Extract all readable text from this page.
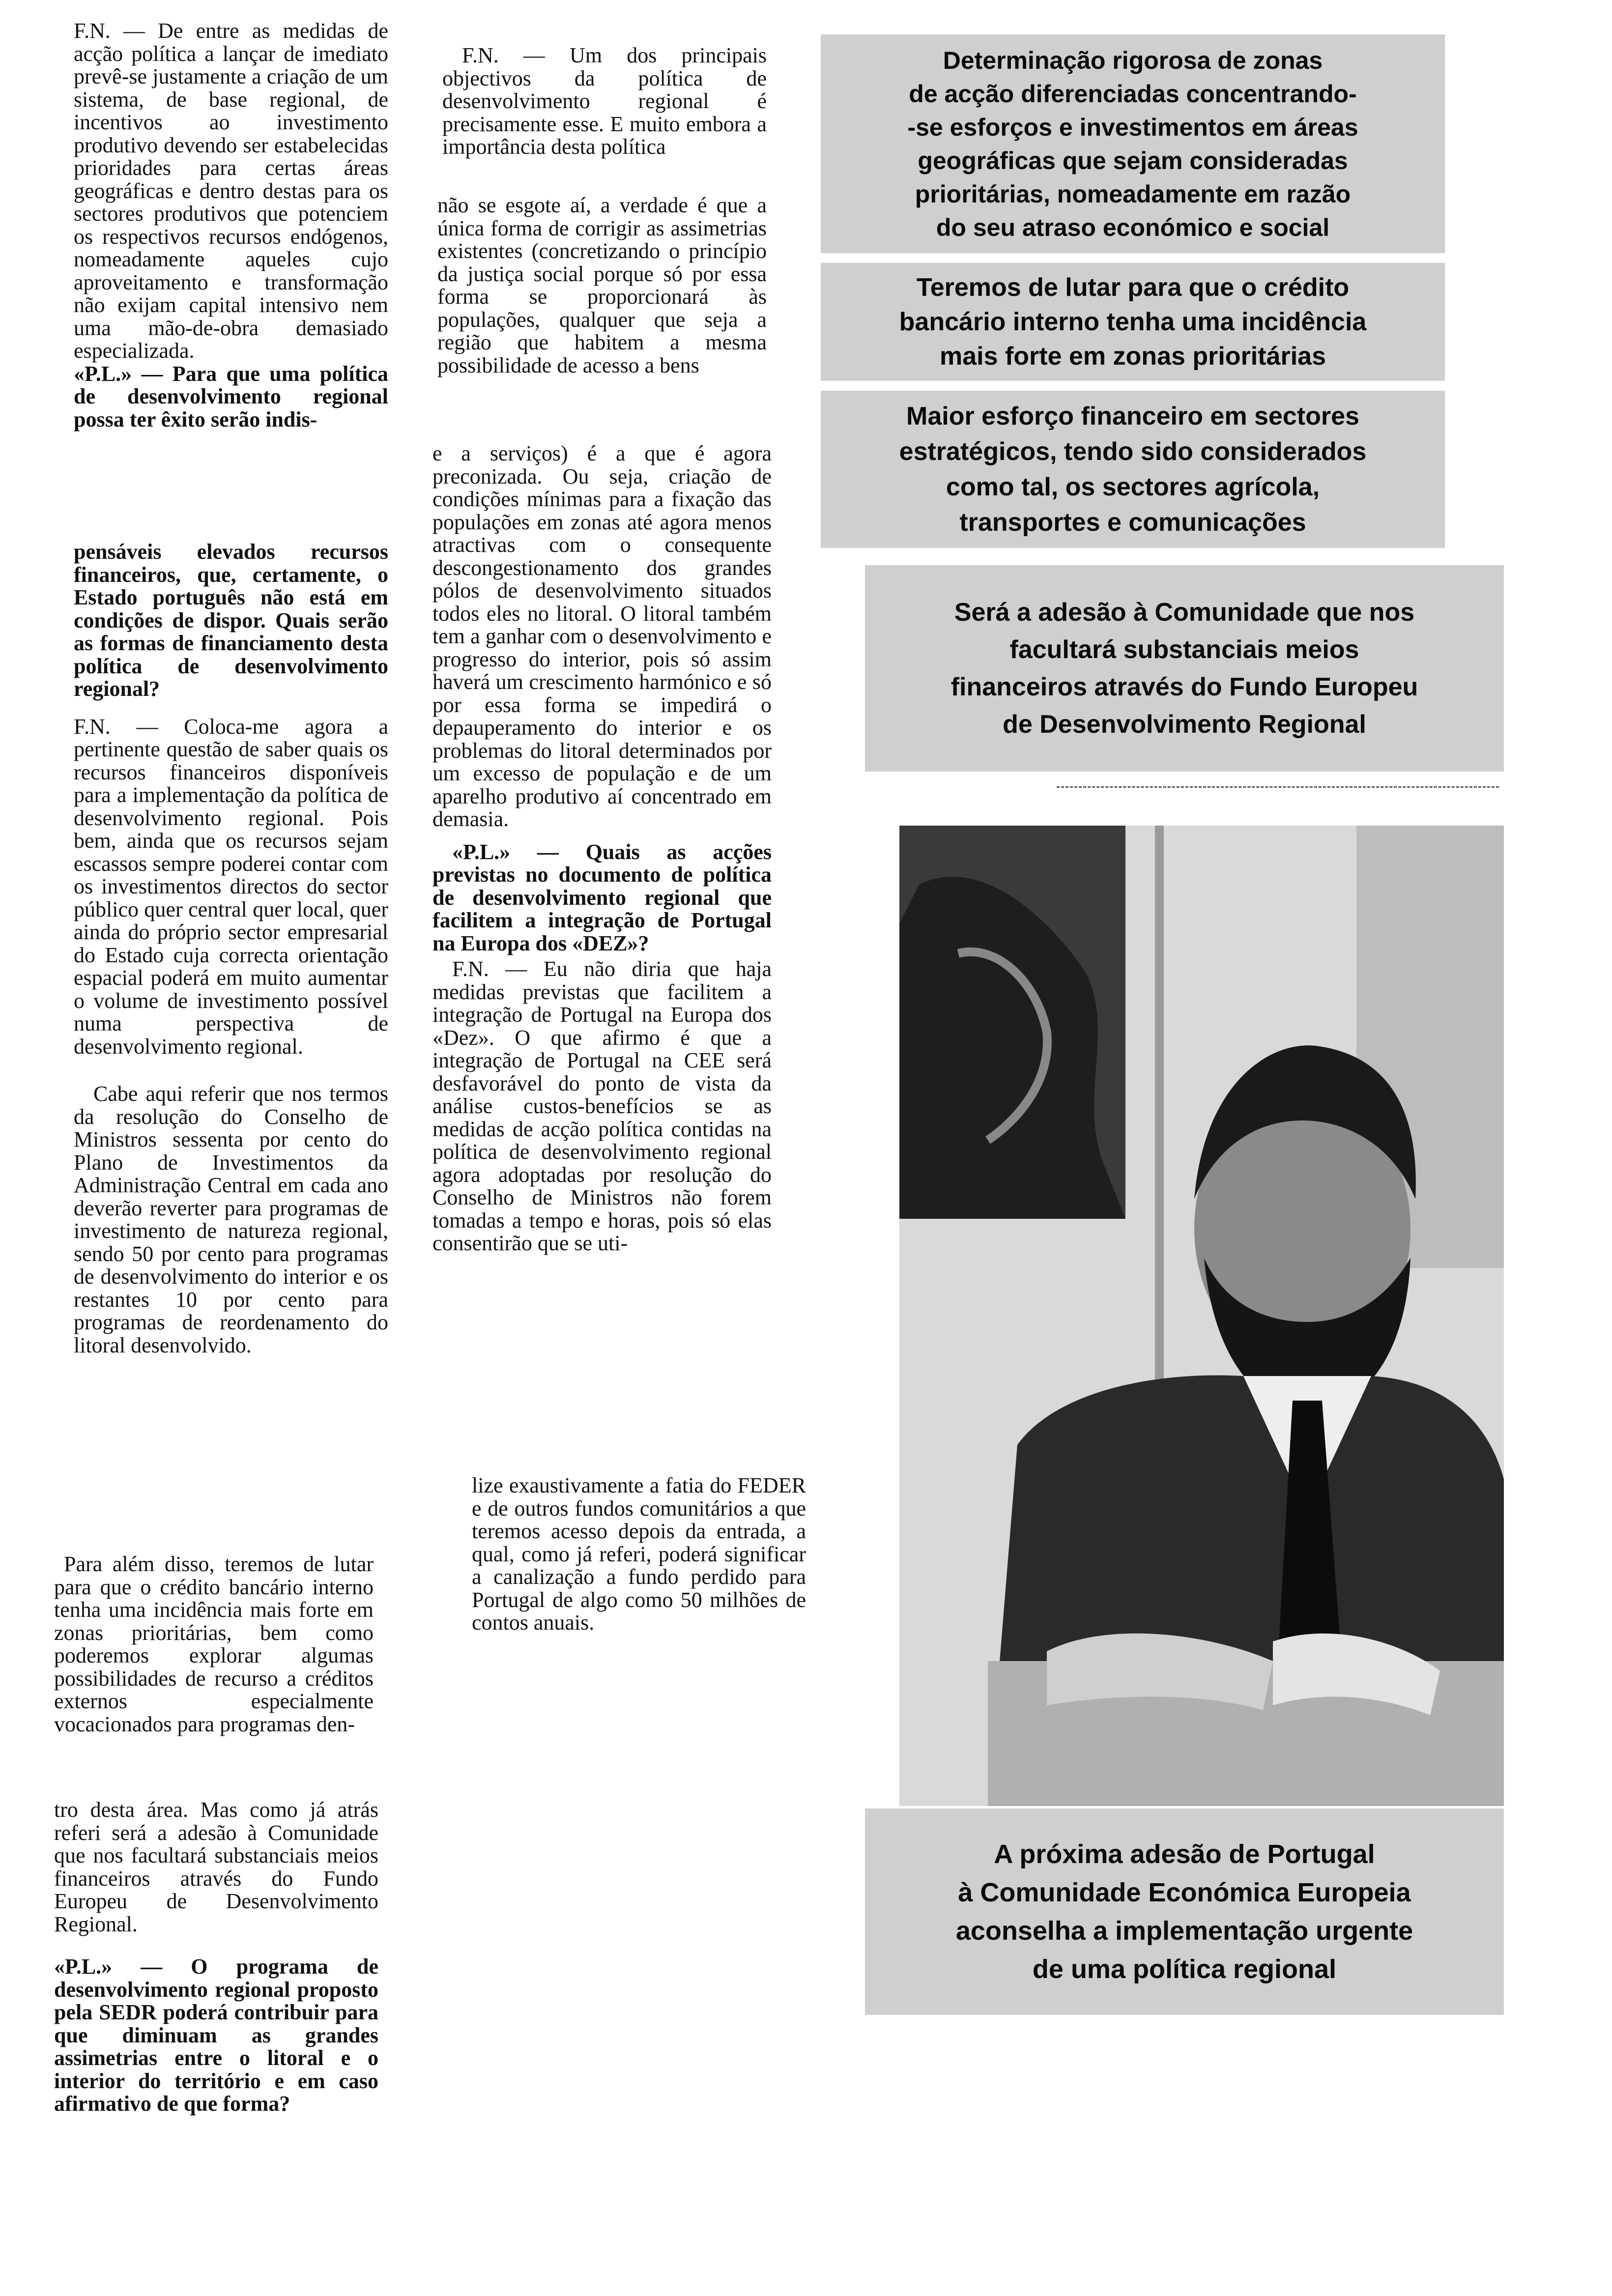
F.N. — De entre as medidas de acção política a lançar de imediato prevê-se justamente a criação de um sistema, de base regional, de incentivos ao investimento produtivo devendo ser estabelecidas prioridades para certas áreas geográficas e dentro destas para os sectores produtivos que potenciem os respectivos recursos endógenos, nomeadamente aqueles cujo aproveitamento e transformação não exijam capital intensivo nem uma mão-de-obra demasiado especializada.

«P.L.» — Para que uma política de desenvolvimento regional possa ter êxito serão indis-

pensáveis elevados recursos financeiros, que, certamente, o Estado português não está em condições de dispor. Quais serão as formas de financiamento desta política de desenvolvimento regional?

F.N. — Coloca-me agora a pertinente questão de saber quais os recursos financeiros disponíveis para a implementação da política de desenvolvimento regional. Pois bem, ainda que os recursos sejam escassos sempre poderei contar com os investimentos directos do sector público quer central quer local, quer ainda do próprio sector empresarial do Estado cuja correcta orientação espacial poderá em muito aumentar o volume de investimento possível numa perspectiva de desenvolvimento regional.

Cabe aqui referir que nos termos da resolução do Conselho de Ministros sessenta por cento do Plano de Investimentos da Administração Central em cada ano deverão reverter para programas de investimento de natureza regional, sendo 50 por cento para programas de desenvolvimento do interior e os restantes 10 por cento para programas de reordenamento do litoral desenvolvido.

Para além disso, teremos de lutar para que o crédito bancário interno tenha uma incidência mais forte em zonas prioritárias, bem como poderemos explorar algumas possibilidades de recurso a créditos externos especialmente vocacionados para programas den-

tro desta área. Mas como já atrás referi será a adesão à Comunidade que nos facultará substanciais meios financeiros através do Fundo Europeu de Desenvolvimento Regional.

«P.L.» — O programa de desenvolvimento regional proposto pela SEDR poderá contribuir para que diminuam as grandes assimetrias entre o litoral e o interior do território e em caso afirmativo de que forma?

F.N. — Um dos principais objectivos da política de desenvolvimento regional é precisamente esse. E muito embora a importância desta política

não se esgote aí, a verdade é que a única forma de corrigir as assimetrias existentes (concretizando o princípio da justiça social porque só por essa forma se proporcionará às populações, qualquer que seja a região que habitem a mesma possibilidade de acesso a bens

e a serviços) é a que é agora preconizada. Ou seja, criação de condições mínimas para a fixação das populações em zonas até agora menos atractivas com o consequente descongestionamento dos grandes pólos de desenvolvimento situados todos eles no litoral. O litoral também tem a ganhar com o desenvolvimento e progresso do interior, pois só assim haverá um crescimento harmónico e só por essa forma se impedirá o depauperamento do interior e os problemas do litoral determinados por um excesso de população e de um aparelho produtivo aí concentrado em demasia.

«P.L.» — Quais as acções previstas no documento de política de desenvolvimento regional que facilitem a integração de Portugal na Europa dos «DEZ»?

F.N. — Eu não diria que haja medidas previstas que facilitem a integração de Portugal na Europa dos «Dez». O que afirmo é que a integração de Portugal na CEE será desfavorável do ponto de vista da análise custos-benefícios se as medidas de acção política contidas na política de desenvolvimento regional agora adoptadas por resolução do Conselho de Ministros não forem tomadas a tempo e horas, pois só elas consentirão que se uti-

lize exaustivamente a fatia do FEDER e de outros fundos comunitários a que teremos acesso depois da entrada, a qual, como já referi, poderá significar a canalização a fundo perdido para Portugal de algo como 50 milhões de contos anuais.

Determinação rigorosa de zonas
de acção diferenciadas concentrando-
-se esforços e investimentos em áreas
geográficas que sejam consideradas
prioritárias, nomeadamente em razão
do seu atraso económico e social
Teremos de lutar para que o crédito
bancário interno tenha uma incidência
mais forte em zonas prioritárias
Maior esforço financeiro em sectores
estratégicos, tendo sido considerados
como tal, os sectores agrícola,
transportes e comunicações
Será a adesão à Comunidade que nos
facultará substanciais meios
financeiros através do Fundo Europeu
de Desenvolvimento Regional
A próxima adesão de Portugal
à Comunidade Económica Europeia
aconselha a implementação urgente
de uma política regional
